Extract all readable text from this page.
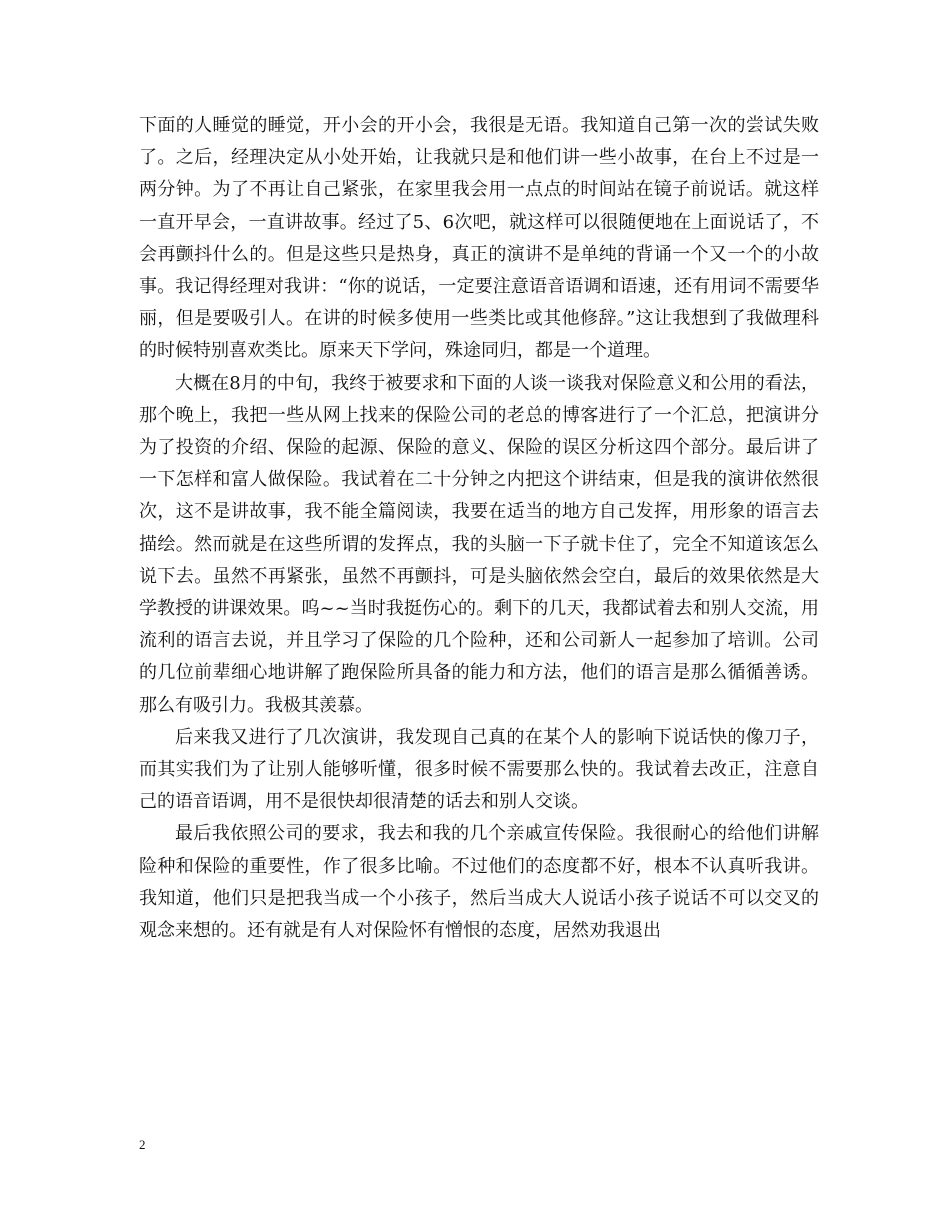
下面的人睡觉的睡觉，开小会的开小会，我很是无语。我知道自己第一次的尝试失败了。之后，经理决定从小处开始，让我就只是和他们讲一些小故事，在台上不过是一两分钟。为了不再让自己紧张，在家里我会用一点点的时间站在镜子前说话。就这样一直开早会，一直讲故事。经过了5、6次吧，就这样可以很随便地在上面说话了，不会再颤抖什么的。但是这些只是热身，真正的演讲不是单纯的背诵一个又一个的小故事。我记得经理对我讲：“你的说话，一定要注意语音语调和语速，还有用词不需要华丽，但是要吸引人。在讲的时候多使用一些类比或其他修辞。”这让我想到了我做理科的时候特别喜欢类比。原来天下学问，殊途同归，都是一个道理。

大概在8月的中旬，我终于被要求和下面的人谈一谈我对保险意义和公用的看法，那个晚上，我把一些从网上找来的保险公司的老总的博客进行了一个汇总，把演讲分为了投资的介绍、保险的起源、保险的意义、保险的误区分析这四个部分。最后讲了一下怎样和富人做保险。我试着在二十分钟之内把这个讲结束，但是我的演讲依然很次，这不是讲故事，我不能全篇阅读，我要在适当的地方自己发挥，用形象的语言去描绘。然而就是在这些所谓的发挥点，我的头脑一下子就卡住了，完全不知道该怎么说下去。虽然不再紧张，虽然不再颤抖，可是头脑依然会空白，最后的效果依然是大学教授的讲课效果。呜~~当时我挺伤心的。剩下的几天，我都试着去和别人交流，用流利的语言去说，并且学习了保险的几个险种，还和公司新人一起参加了培训。公司的几位前辈细心地讲解了跑保险所具备的能力和方法，他们的语言是那么循循善诱。那么有吸引力。我极其羡慕。

后来我又进行了几次演讲，我发现自己真的在某个人的影响下说话快的像刀子，而其实我们为了让别人能够听懂，很多时候不需要那么快的。我试着去改正，注意自己的语音语调，用不是很快却很清楚的话去和别人交谈。

最后我依照公司的要求，我去和我的几个亲戚宣传保险。我很耐心的给他们讲解险种和保险的重要性，作了很多比喻。不过他们的态度都不好，根本不认真听我讲。我知道，他们只是把我当成一个小孩子，然后当成大人说话小孩子说话不可以交叉的观念来想的。还有就是有人对保险怀有憎恨的态度，居然劝我退出

2
